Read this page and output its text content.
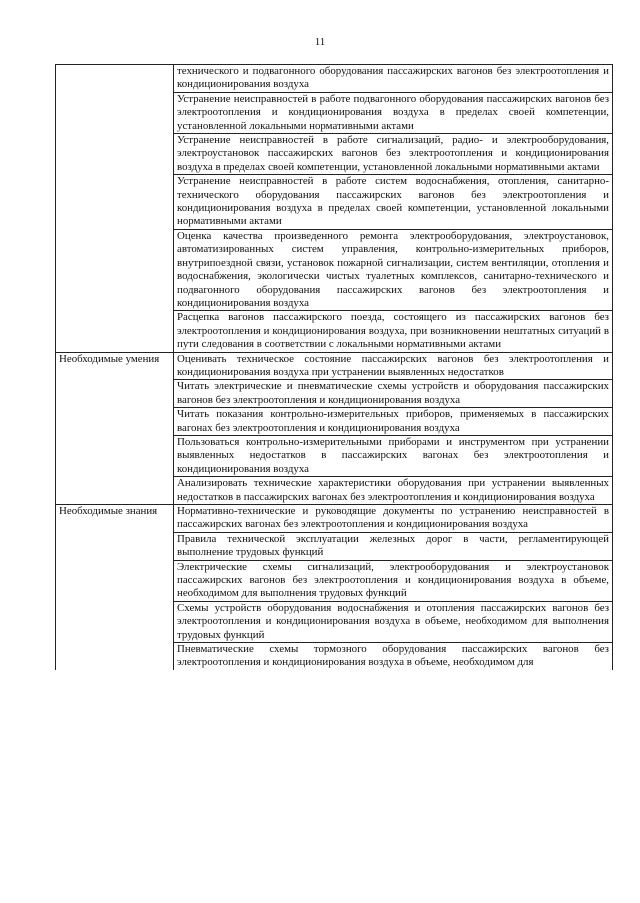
11
	технического и подвагонного оборудования пассажирских вагонов без электроотопления и кондиционирования воздуха
	Устранение неисправностей в работе подвагонного оборудования пассажирских вагонов без электроотопления и кондиционирования воздуха в пределах своей компетенции, установленной локальными нормативными актами
	Устранение неисправностей в работе сигнализаций, радио- и электрооборудования, электроустановок пассажирских вагонов без электроотопления и кондиционирования воздуха в пределах своей компетенции, установленной локальными нормативными актами
	Устранение неисправностей в работе систем водоснабжения, отопления, санитарно-технического оборудования пассажирских вагонов без электроотопления и кондиционирования воздуха в пределах своей компетенции, установленной локальными нормативными актами
	Оценка качества произведенного ремонта электрооборудования, электроустановок, автоматизированных систем управления, контрольно-измерительных приборов, внутрипоездной связи, установок пожарной сигнализации, систем вентиляции, отопления и водоснабжения, экологически чистых туалетных комплексов, санитарно-технического и подвагонного оборудования пассажирских вагонов без электроотопления и кондиционирования воздуха
	Расцепка вагонов пассажирского поезда, состоящего из пассажирских вагонов без электроотопления и кондиционирования воздуха, при возникновении нештатных ситуаций в пути следования в соответствии с локальными нормативными актами
Необходимые умения	Оценивать техническое состояние пассажирских вагонов без электроотопления и кондиционирования воздуха при устранении выявленных недостатков
	Читать электрические и пневматические схемы устройств и оборудования пассажирских вагонов без электроотопления и кондиционирования воздуха
	Читать показания контрольно-измерительных приборов, применяемых в пассажирских вагонах без электроотопления и кондиционирования воздуха
	Пользоваться контрольно-измерительными приборами и инструментом при устранении выявленных недостатков в пассажирских вагонах без электроотопления и кондиционирования воздуха
	Анализировать технические характеристики оборудования при устранении выявленных недостатков в пассажирских вагонах без электроотопления и кондиционирования воздуха
Необходимые знания	Нормативно-технические и руководящие документы по устранению неисправностей в пассажирских вагонах без электроотопления и кондиционирования воздуха
	Правила технической эксплуатации железных дорог в части, регламентирующей выполнение трудовых функций
	Электрические схемы сигнализаций, электрооборудования и электроустановок пассажирских вагонов без электроотопления и кондиционирования воздуха в объеме, необходимом для выполнения трудовых функций
	Схемы устройств оборудования водоснабжения и отопления пассажирских вагонов без электроотопления и кондиционирования воздуха в объеме, необходимом для выполнения трудовых функций
	Пневматические схемы тормозного оборудования пассажирских вагонов без электроотопления и кондиционирования воздуха в объеме, необходимом для
